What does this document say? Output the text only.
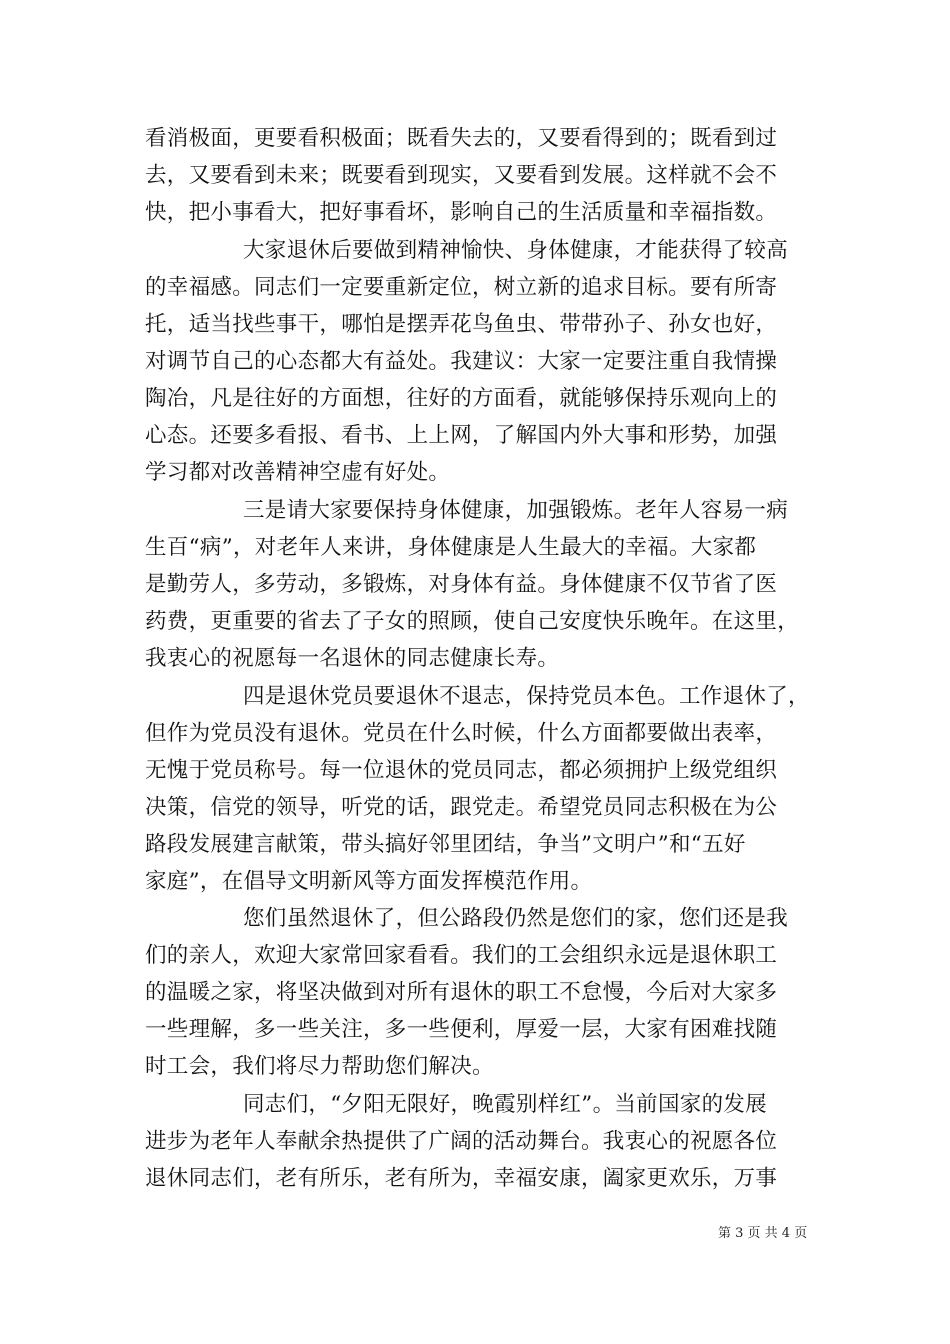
看消极面，更要看积极面；既看失去的，又要看得到的；既看到过
去，又要看到未来；既要看到现实，又要看到发展。这样就不会不
快，把小事看大，把好事看坏，影响自己的生活质量和幸福指数。
大家退休后要做到精神愉快、身体健康，才能获得了较高
的幸福感。同志们一定要重新定位，树立新的追求目标。要有所寄
托，适当找些事干，哪怕是摆弄花鸟鱼虫、带带孙子、孙女也好，
对调节自己的心态都大有益处。我建议：大家一定要注重自我情操
陶冶，凡是往好的方面想，往好的方面看，就能够保持乐观向上的
心态。还要多看报、看书、上上网，了解国内外大事和形势，加强
学习都对改善精神空虚有好处。
三是请大家要保持身体健康，加强锻炼。老年人容易一病
生百“病”，对老年人来讲，身体健康是人生最大的幸福。大家都
是勤劳人，多劳动，多锻炼，对身体有益。身体健康不仅节省了医
药费，更重要的省去了子女的照顾，使自己安度快乐晚年。在这里，
我衷心的祝愿每一名退休的同志健康长寿。
四是退休党员要退休不退志，保持党员本色。工作退休了，
但作为党员没有退休。党员在什么时候，什么方面都要做出表率，
无愧于党员称号。每一位退休的党员同志，都必须拥护上级党组织
决策，信党的领导，听党的话，跟党走。希望党员同志积极在为公
路段发展建言献策，带头搞好邻里团结，争当”文明户”和“五好
家庭”，在倡导文明新风等方面发挥模范作用。
您们虽然退休了，但公路段仍然是您们的家，您们还是我
们的亲人，欢迎大家常回家看看。我们的工会组织永远是退休职工
的温暖之家，将坚决做到对所有退休的职工不怠慢，今后对大家多
一些理解，多一些关注，多一些便利，厚爱一层，大家有困难找随
时工会，我们将尽力帮助您们解决。
同志们，“夕阳无限好，晚霞别样红”。当前国家的发展
进步为老年人奉献余热提供了广阔的活动舞台。我衷心的祝愿各位
退休同志们，老有所乐，老有所为，幸福安康，阖家更欢乐，万事
第 3 页 共 4 页
